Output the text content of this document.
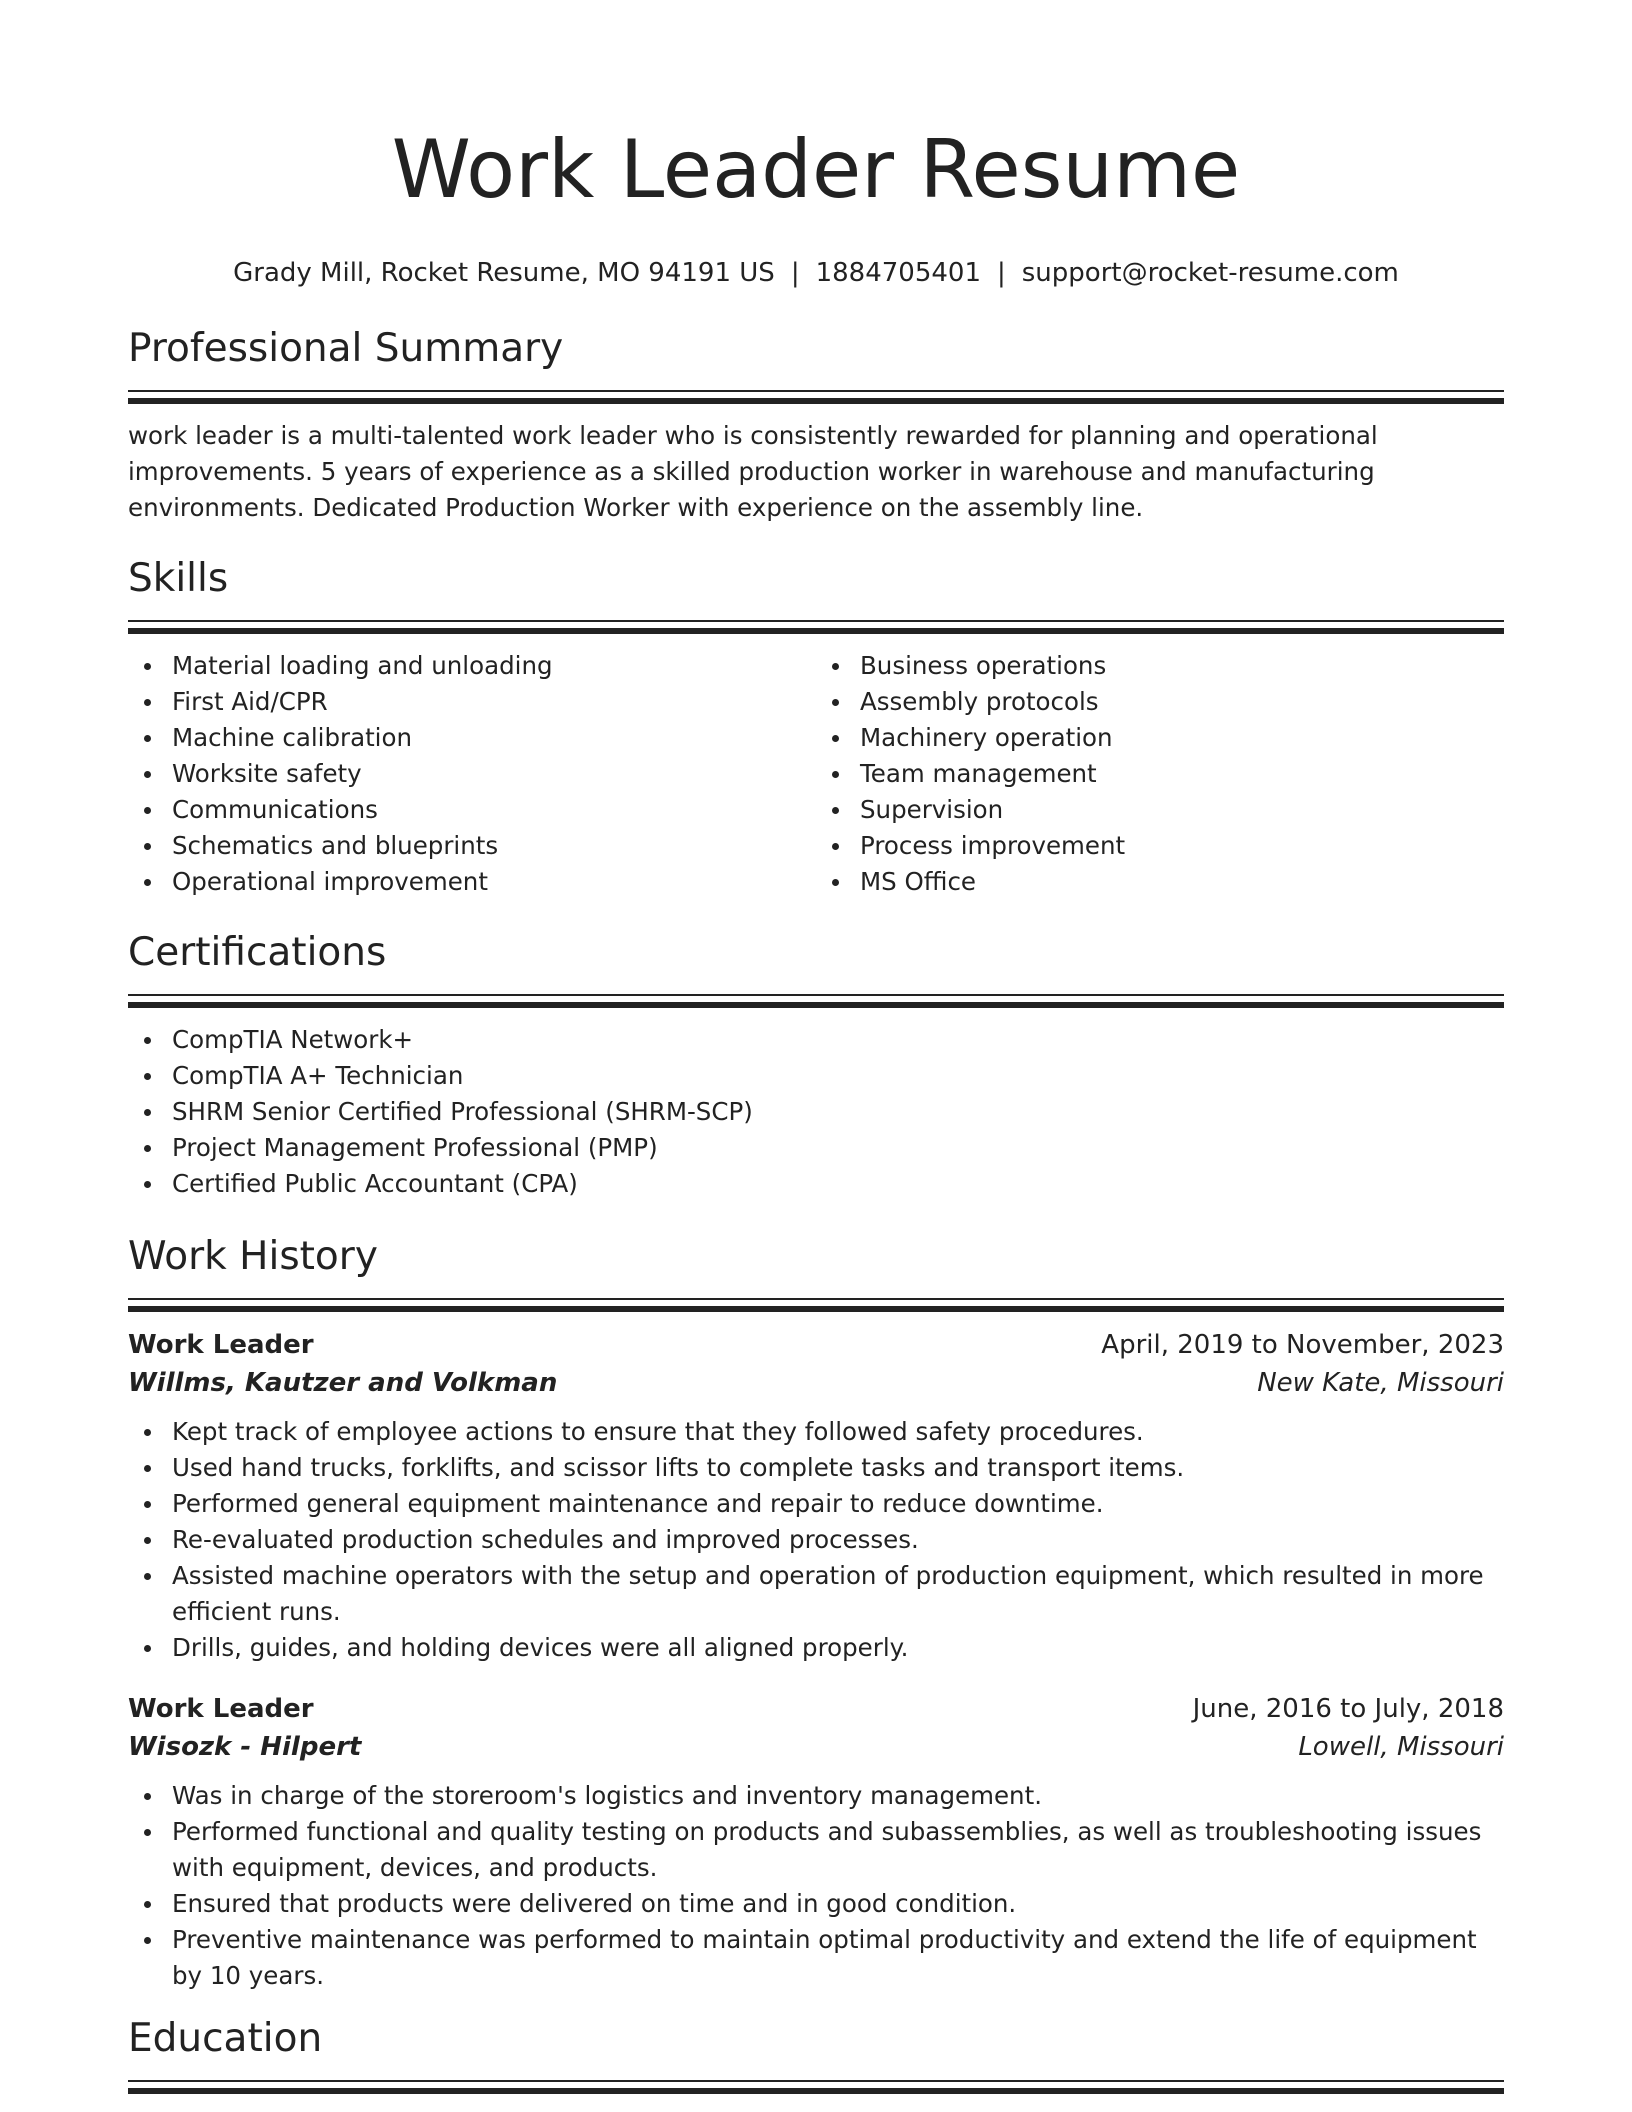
Work Leader Resume
Grady Mill, Rocket Resume, MO 94191 US | 1884705401 | support@rocket-resume.com
Professional Summary

work leader is a multi-talented work leader who is consistently rewarded for planning and operational improvements. 5 years of experience as a skilled production worker in warehouse and manufacturing environments. Dedicated Production Worker with experience on the assembly line.

Skills
Material loading and unloading
First Aid/CPR
Machine calibration
Worksite safety
Communications
Schematics and blueprints
Operational improvement
Business operations
Assembly protocols
Machinery operation
Team management
Supervision
Process improvement
MS Office
Certifications
CompTIA Network+
CompTIA A+ Technician
SHRM Senior Certified Professional (SHRM-SCP)
Project Management Professional (PMP)
Certified Public Accountant (CPA)
Work History
Work Leader	April, 2019 to November, 2023
Willms, Kautzer and Volkman	New Kate, Missouri
Kept track of employee actions to ensure that they followed safety procedures.
Used hand trucks, forklifts, and scissor lifts to complete tasks and transport items.
Performed general equipment maintenance and repair to reduce downtime.
Re-evaluated production schedules and improved processes.
Assisted machine operators with the setup and operation of production equipment, which resulted in more efficient runs.
Drills, guides, and holding devices were all aligned properly.
Work Leader	June, 2016 to July, 2018
Wisozk - Hilpert	Lowell, Missouri
Was in charge of the storeroom's logistics and inventory management.
Performed functional and quality testing on products and subassemblies, as well as troubleshooting issues with equipment, devices, and products.
Ensured that products were delivered on time and in good condition.
Preventive maintenance was performed to maintain optimal productivity and extend the life of equipment by 10 years.
Education
